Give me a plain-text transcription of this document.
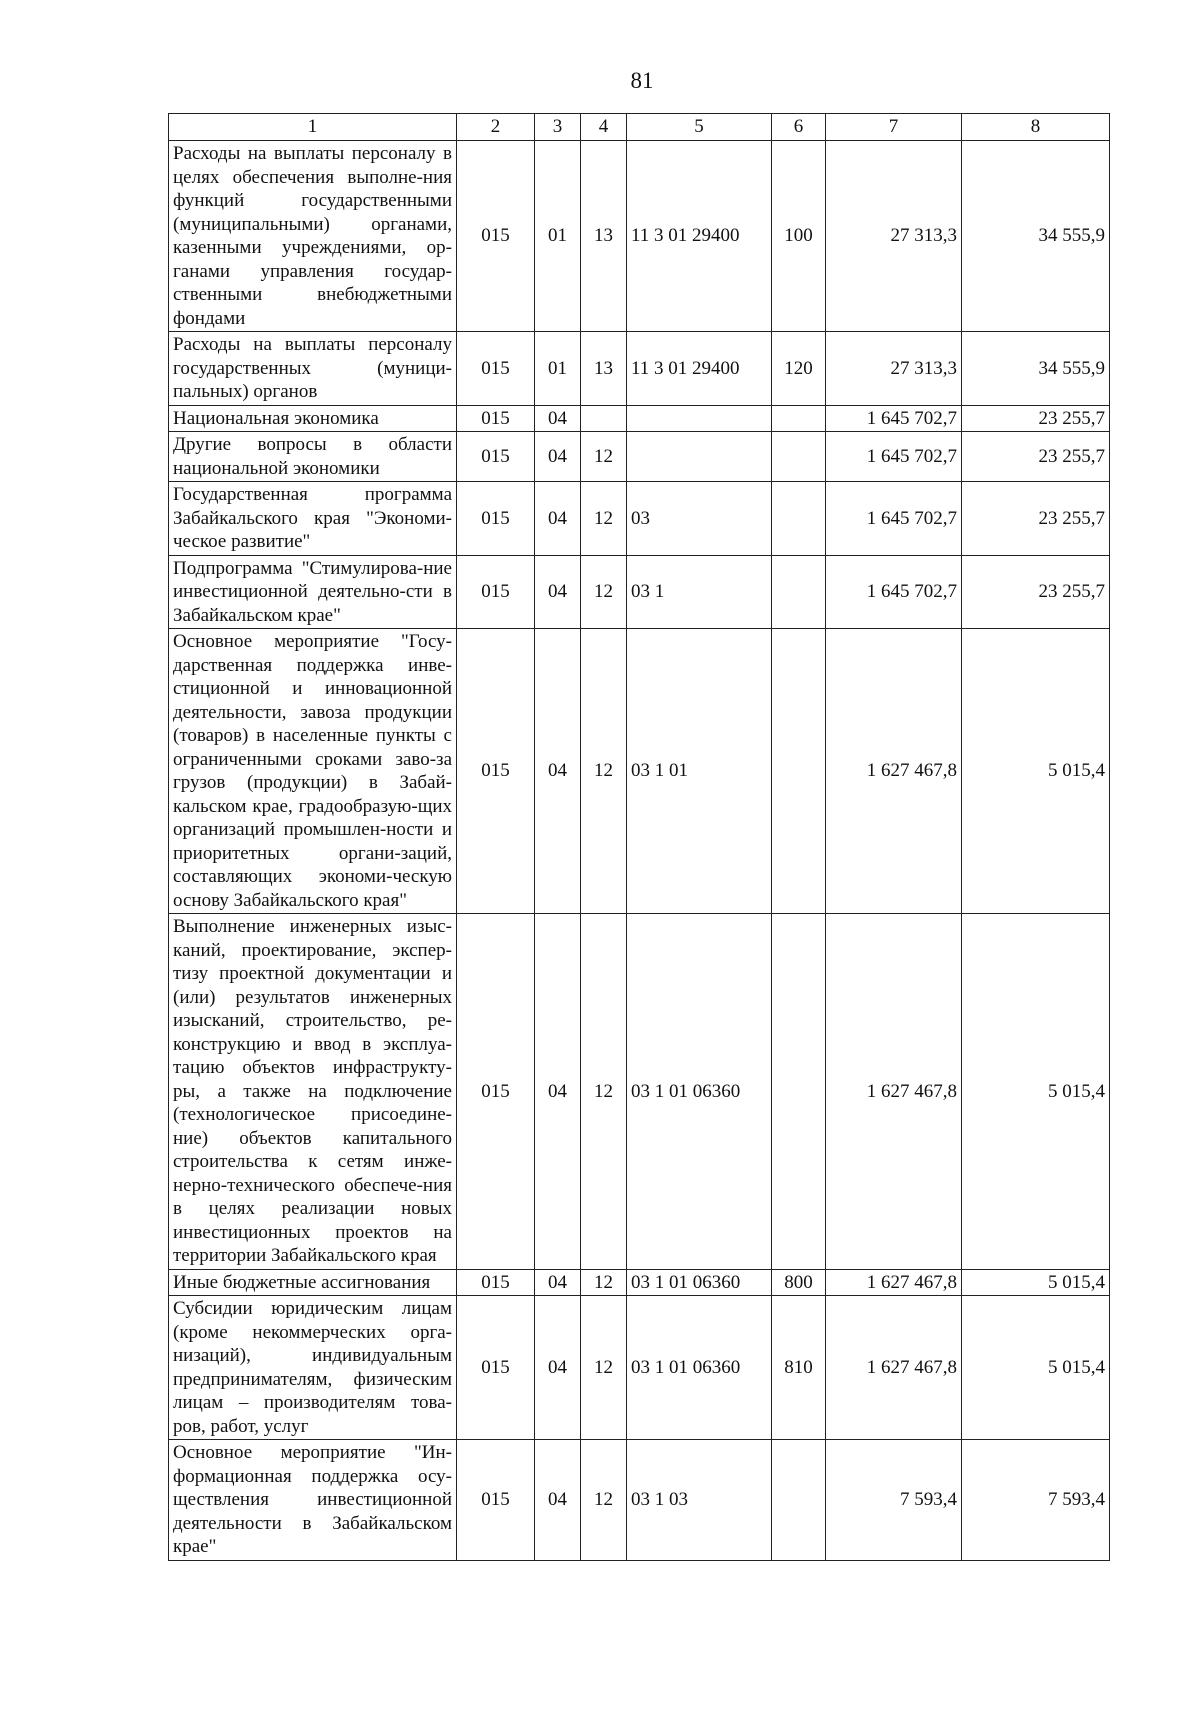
81
1	2	3	4	5	6	7	8
Расходы на выплаты персоналу в целях обеспечения выполне-ния функций государственными (муниципальными) органами, казенными учреждениями, ор-ганами управления государ-ственными внебюджетными фондами	015	01	13	11 3 01 29400	100	27 313,3	34 555,9
Расходы на выплаты персоналу государственных (муници-пальных) органов	015	01	13	11 3 01 29400	120	27 313,3	34 555,9
Национальная экономика	015	04				1 645 702,7	23 255,7
Другие вопросы в области национальной экономики	015	04	12			1 645 702,7	23 255,7
Государственная программа Забайкальского края "Экономи-ческое развитие"	015	04	12	03		1 645 702,7	23 255,7
Подпрограмма "Стимулирова-ние инвестиционной деятельно-сти в Забайкальском крае"	015	04	12	03 1		1 645 702,7	23 255,7
Основное мероприятие "Госу-дарственная поддержка инве-стиционной и инновационной деятельности, завоза продукции (товаров) в населенные пункты с ограниченными сроками заво-за грузов (продукции) в Забай-кальском крае, градообразую-щих организаций промышлен-ности и приоритетных органи-заций, составляющих экономи-ческую основу Забайкальского края"	015	04	12	03 1 01		1 627 467,8	5 015,4
Выполнение инженерных изыс-каний, проектирование, экспер-тизу проектной документации и (или) результатов инженерных изысканий, строительство, ре-конструкцию и ввод в эксплуа-тацию объектов инфраструкту-ры, а также на подключение (технологическое присоедине-ние) объектов капитального строительства к сетям инже-нерно-технического обеспече-ния в целях реализации новых инвестиционных проектов на территории Забайкальского края	015	04	12	03 1 01 06360		1 627 467,8	5 015,4
Иные бюджетные ассигнования	015	04	12	03 1 01 06360	800	1 627 467,8	5 015,4
Субсидии юридическим лицам (кроме некоммерческих орга-низаций), индивидуальным предпринимателям, физическим лицам – производителям това-ров, работ, услуг	015	04	12	03 1 01 06360	810	1 627 467,8	5 015,4
Основное мероприятие "Ин-формационная поддержка осу-ществления инвестиционной деятельности в Забайкальском крае"	015	04	12	03 1 03		7 593,4	7 593,4
